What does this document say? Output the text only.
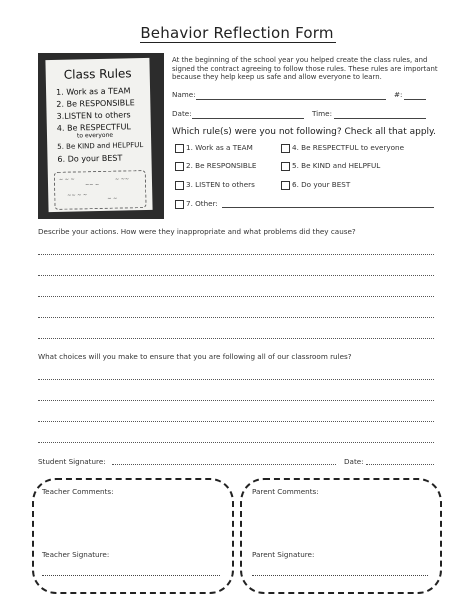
Behavior Reflection Form
Class Rules
1. Work as a TEAM
2. Be RESPONSIBLE
3.LISTEN to others
4. Be RESPECTFUL
to everyone
5. Be KIND and HELPFUL
6. Do your BEST
~ ~ ~
~~ ~
~ ~~
~~ ~ ~
~ ~
At the beginning of the school year you helped create the class rules, and signed the contract agreeing to follow those rules. These rules are important because they help keep us safe and allow everyone to learn.
Name:	#:
Date:	Time:
Which rule(s) were you not following? Check all that apply.
1. Work as a TEAM	4. Be RESPECTFUL to everyone
2. Be RESPONSIBLE	5. Be KIND and HELPFUL
3. LISTEN to others	6. Do your BEST
7. Other:
Describe your actions. How were they inappropriate and what problems did they cause?
What choices will you make to ensure that you are following all of our classroom rules?
Student Signature:	Date:
Teacher Comments:
Teacher Signature:
Parent Comments:
Parent Signature:
